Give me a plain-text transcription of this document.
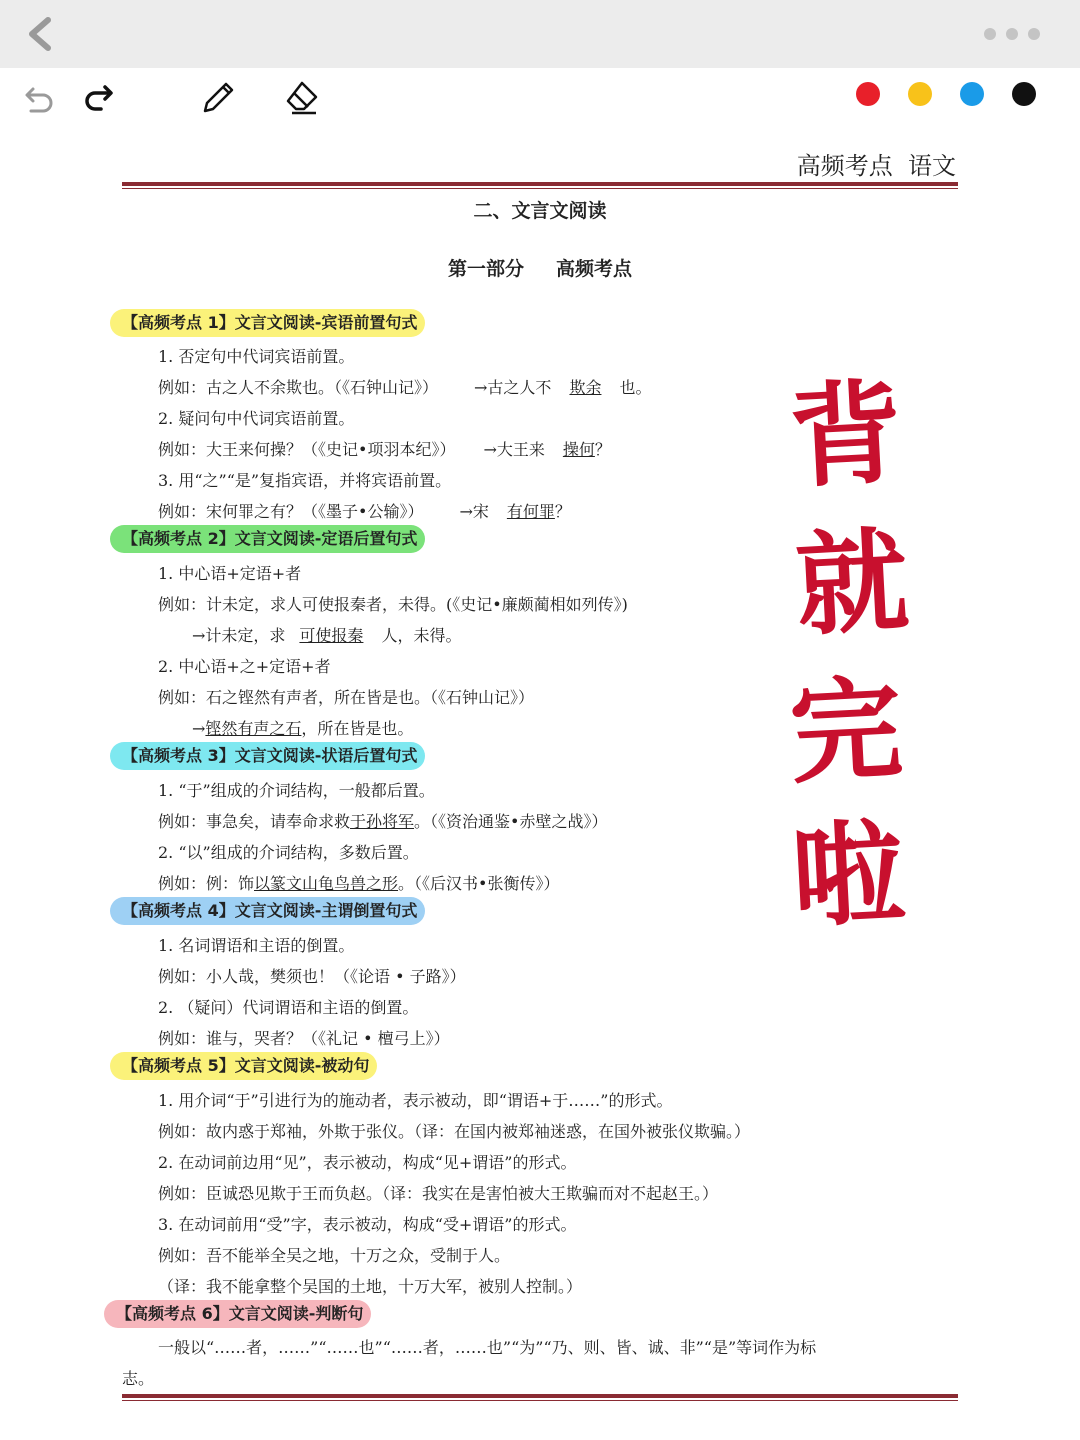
高频考点  语文
二、文言文阅读
第一部分 高频考点
背
就
完
啦
【高频考点 1】文言文阅读-宾语前置句式
1. 否定句中代词宾语前置。
例如：古之人不余欺也。（《石钟山记》） →古之人不 欺余 也。
2. 疑问句中代词宾语前置。
例如：大王来何操？（《史记•项羽本纪》） →大王来 操何？
3. 用“之”“是”复指宾语，并将宾语前置。
例如：宋何罪之有？（《墨子•公输》） →宋 有何罪？
【高频考点 2】文言文阅读-定语后置句式
1. 中心语+定语+者
例如：计未定，求人可使报秦者，未得。(《史记•廉颇蔺相如列传》)
→计未定，求 可使报秦 人，未得。
2. 中心语+之+定语+者
例如：石之铿然有声者，所在皆是也。（《石钟山记》）
→铿然有声之石，所在皆是也。
【高频考点 3】文言文阅读-状语后置句式
1. “于”组成的介词结构，一般都后置。
例如：事急矣，请奉命求救于孙将军。（《资治通鉴•赤壁之战》）
2. “以”组成的介词结构，多数后置。
例如：例：饰以篆文山龟鸟兽之形。（《后汉书•张衡传》）
【高频考点 4】文言文阅读-主谓倒置句式
1. 名词谓语和主语的倒置。
例如：小人哉，樊须也！（《论语 • 子路》）
2. （疑问）代词谓语和主语的倒置。
例如：谁与，哭者？（《礼记 • 檀弓上》）
【高频考点 5】文言文阅读-被动句
1. 用介词“于”引进行为的施动者，表示被动，即“谓语+于……”的形式。
例如：故内惑于郑袖，外欺于张仪。（译：在国内被郑袖迷惑，在国外被张仪欺骗。）
2. 在动词前边用“见”，表示被动，构成“见+谓语”的形式。
例如：臣诚恐见欺于王而负赵。（译：我实在是害怕被大王欺骗而对不起赵王。）
3. 在动词前用“受”字，表示被动，构成“受+谓语”的形式。
例如：吾不能举全吴之地，十万之众，受制于人。
（译：我不能拿整个吴国的土地，十万大军，被别人控制。）
【高频考点 6】文言文阅读-判断句
一般以“……者，……”“……也”“……者，……也”“为”“乃、则、皆、诚、非”“是”等词作为标
志。
